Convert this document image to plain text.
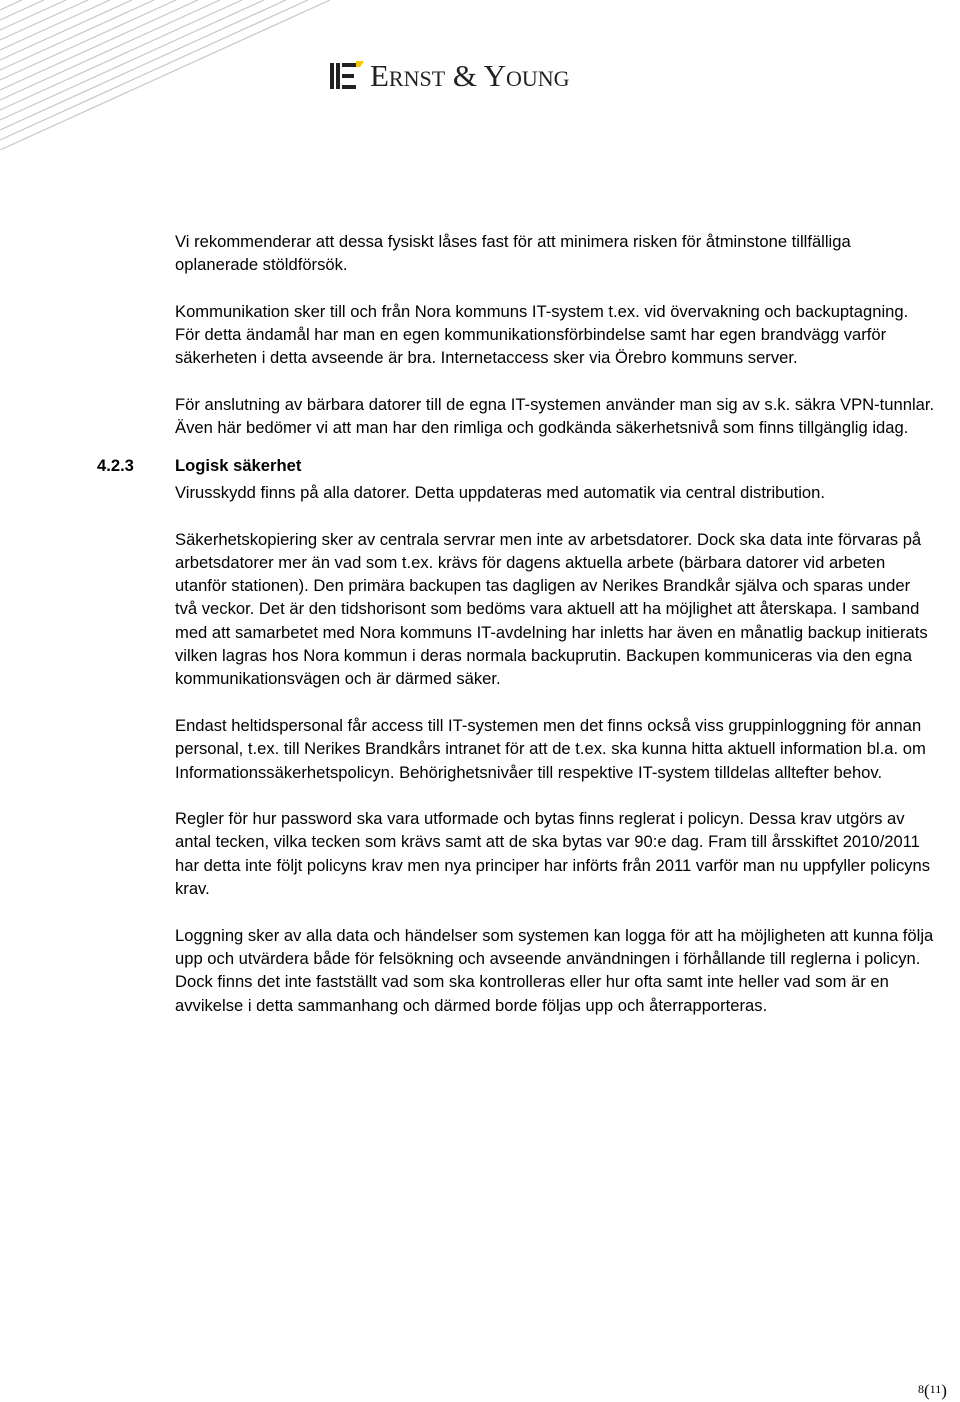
Ernst & Young

Vi rekommenderar att dessa fysiskt låses fast för att minimera risken för åtminstone tillfälliga oplanerade stöldförsök.

Kommunikation sker till och från Nora kommuns IT-system t.ex. vid övervakning och backuptagning. För detta ändamål har man en egen kommunikationsförbindelse samt har egen brandvägg varför säkerheten i detta avseende är bra. Internetaccess sker via Örebro kommuns server.

För anslutning av bärbara datorer till de egna IT-systemen använder man sig av s.k. säkra VPN-tunnlar. Även här bedömer vi att man har den rimliga och godkända säkerhetsnivå som finns tillgänglig idag.

4.2.3 Logisk säkerhet

Virusskydd finns på alla datorer. Detta uppdateras med automatik via central distribution.

Säkerhetskopiering sker av centrala servrar men inte av arbetsdatorer. Dock ska data inte förvaras på arbetsdatorer mer än vad som t.ex. krävs för dagens aktuella arbete (bärbara datorer vid arbeten utanför stationen). Den primära backupen tas dagligen av Nerikes Brandkår själva och sparas under två veckor. Det är den tidshorisont som bedöms vara aktuell att ha möjlighet att återskapa. I samband med att samarbetet med Nora kommuns IT-avdelning har inletts har även en månatlig backup initierats vilken lagras hos Nora kommun i deras normala backuprutin. Backupen kommuniceras via den egna kommunikationsvägen och är därmed säker.

Endast heltidspersonal får access till IT-systemen men det finns också viss gruppinloggning för annan personal, t.ex. till Nerikes Brandkårs intranet för att de t.ex. ska kunna hitta aktuell information bl.a. om Informationssäkerhetspolicyn. Behörighetsnivåer till respektive IT-system tilldelas alltefter behov.

Regler för hur password ska vara utformade och bytas finns reglerat i policyn. Dessa krav utgörs av antal tecken, vilka tecken som krävs samt att de ska bytas var 90:e dag. Fram till årsskiftet 2010/2011 har detta inte följt policyns krav men nya principer har införts från 2011 varför man nu uppfyller policyns krav.

Loggning sker av alla data och händelser som systemen kan logga för att ha möjligheten att kunna följa upp och utvärdera både för felsökning och avseende användningen i förhållande till reglerna i policyn. Dock finns det inte fastställt vad som ska kontrolleras eller hur ofta samt inte heller vad som är en avvikelse i detta sammanhang och därmed borde följas upp och återrapporteras.

8(11)
